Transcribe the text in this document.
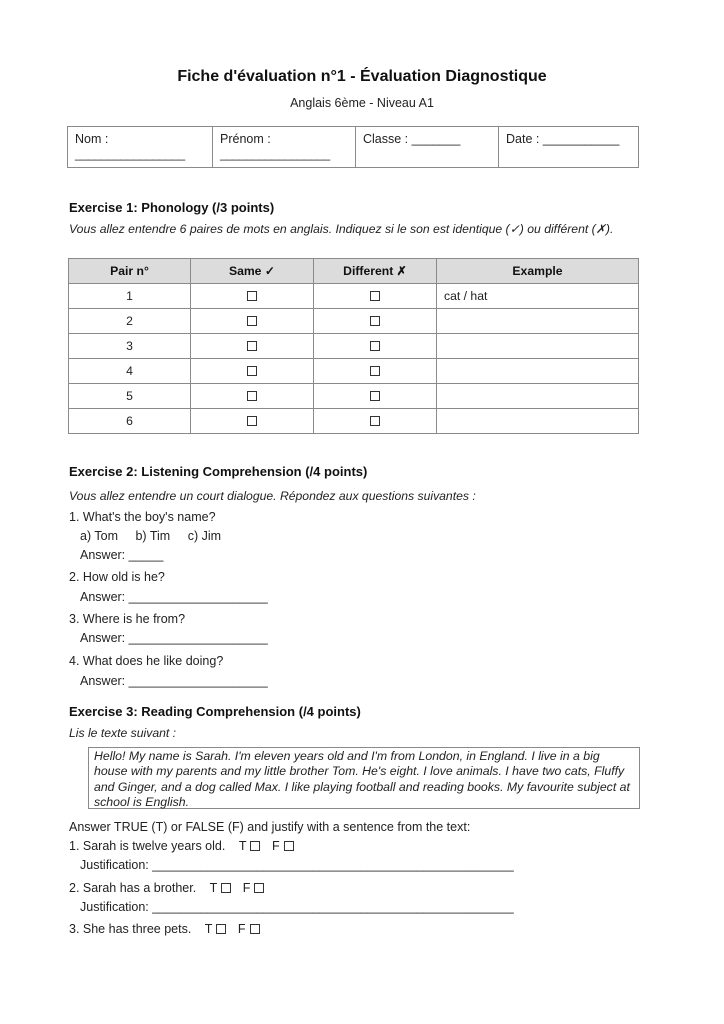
Fiche d'évaluation n°1 - Évaluation Diagnostique
Anglais 6ème - Niveau A1
Nom :
_________________
	Prénom :
_________________
	Classe : _______	Date : ___________
Exercise 1: Phonology (/3 points)
Vous allez entendre 6 paires de mots en anglais. Indiquez si le son est identique (✓) ou différent (✗).
Pair n°	Same ✓	Different ✗	Example
1			cat / hat
2			
3			
4			
5			
6			
Exercise 2: Listening Comprehension (/4 points)
Vous allez entendre un court dialogue. Répondez aux questions suivantes :
1. What's the boy's name?
a) Tom b) Tim c) Jim
Answer: _____
2. How old is he?
Answer: ____________________
3. Where is he from?
Answer: ____________________
4. What does he like doing?
Answer: ____________________
Exercise 3: Reading Comprehension (/4 points)
Lis le texte suivant :
Hello! My name is Sarah. I'm eleven years old and I'm from London, in England. I live in a big house with my parents and my little brother Tom. He's eight. I love animals. I have two cats, Fluffy and Ginger, and a dog called Max. I like playing football and reading books. My favourite subject at school is English.
Answer TRUE (T) or FALSE (F) and justify with a sentence from the text:
1. Sarah is twelve years old. T F
Justification: ____________________________________________________
2. Sarah has a brother. T F
Justification: ____________________________________________________
3. She has three pets. T F
